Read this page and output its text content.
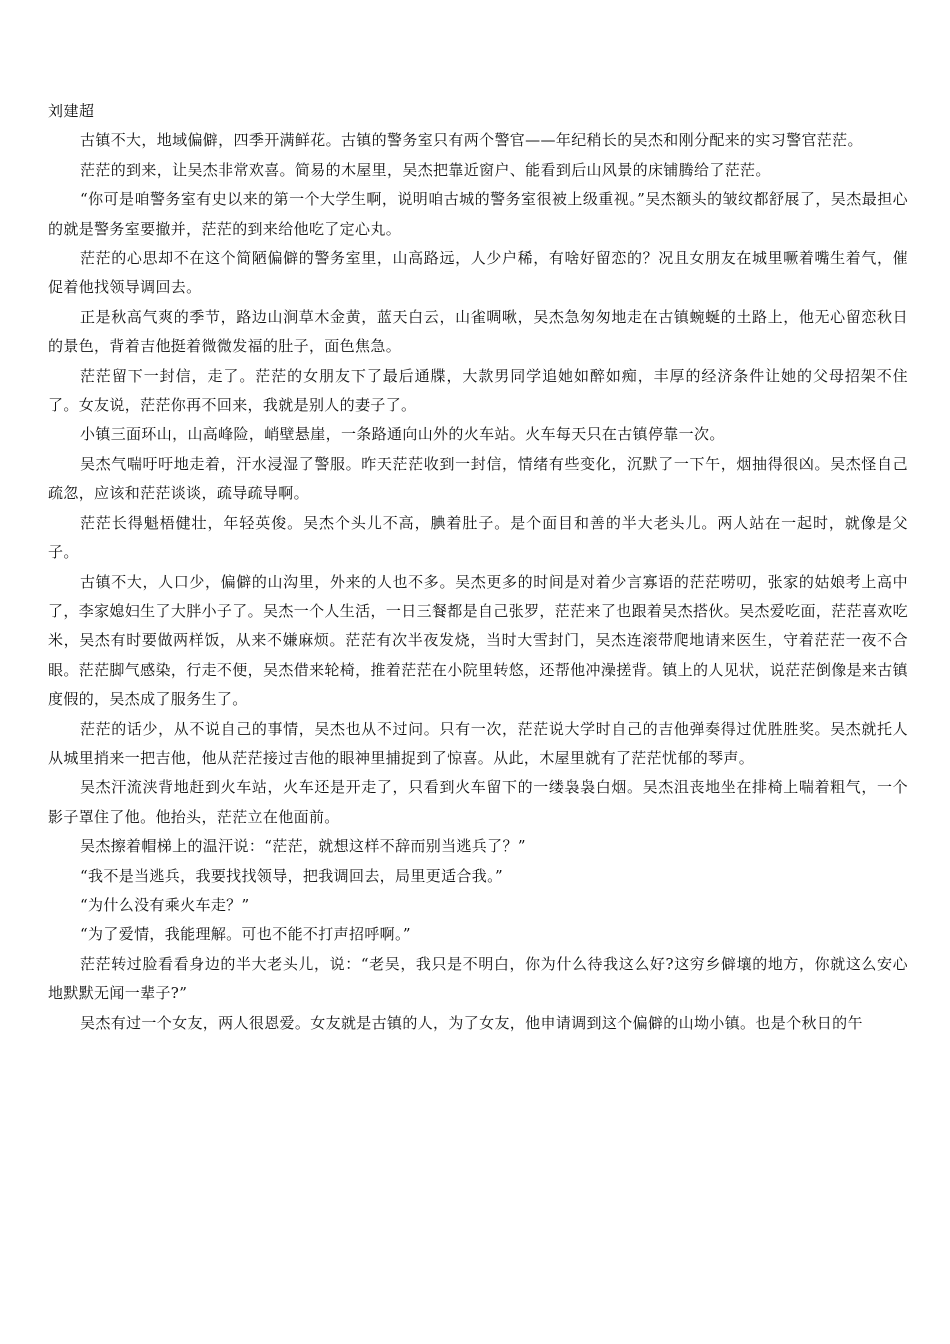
刘建超

古镇不大，地域偏僻，四季开满鲜花。古镇的警务室只有两个警官——年纪稍长的吴杰和刚分配来的实习警官茫茫。

茫茫的到来，让吴杰非常欢喜。简易的木屋里，吴杰把靠近窗户、能看到后山风景的床铺腾给了茫茫。

“你可是咱警务室有史以来的第一个大学生啊，说明咱古城的警务室很被上级重视。”吴杰额头的皱纹都舒展了，吴杰最担心的就是警务室要撤并，茫茫的到来给他吃了定心丸。

茫茫的心思却不在这个简陋偏僻的警务室里，山高路远，人少户稀，有啥好留恋的？况且女朋友在城里噘着嘴生着气，催促着他找领导调回去。

正是秋高气爽的季节，路边山涧草木金黄，蓝天白云，山雀啁啾，吴杰急匆匆地走在古镇蜿蜒的土路上，他无心留恋秋日的景色，背着吉他挺着微微发福的肚子，面色焦急。

茫茫留下一封信，走了。茫茫的女朋友下了最后通牒，大款男同学追她如醉如痴，丰厚的经济条件让她的父母招架不住了。女友说，茫茫你再不回来，我就是别人的妻子了。

小镇三面环山，山高峰险，峭壁悬崖，一条路通向山外的火车站。火车每天只在古镇停靠一次。

吴杰气喘吁吁地走着，汗水浸湿了警服。昨天茫茫收到一封信，情绪有些变化，沉默了一下午，烟抽得很凶。吴杰怪自己疏忽，应该和茫茫谈谈，疏导疏导啊。

茫茫长得魁梧健壮，年轻英俊。吴杰个头儿不高，腆着肚子。是个面目和善的半大老头儿。两人站在一起时，就像是父子。

古镇不大，人口少，偏僻的山沟里，外来的人也不多。吴杰更多的时间是对着少言寡语的茫茫唠叨，张家的姑娘考上高中了，李家媳妇生了大胖小子了。吴杰一个人生活，一日三餐都是自己张罗，茫茫来了也跟着吴杰搭伙。吴杰爱吃面，茫茫喜欢吃米，吴杰有时要做两样饭，从来不嫌麻烦。茫茫有次半夜发烧，当时大雪封门，吴杰连滚带爬地请来医生，守着茫茫一夜不合眼。茫茫脚气感染，行走不便，吴杰借来轮椅，推着茫茫在小院里转悠，还帮他冲澡搓背。镇上的人见状，说茫茫倒像是来古镇度假的，吴杰成了服务生了。

茫茫的话少，从不说自己的事情，吴杰也从不过问。只有一次，茫茫说大学时自己的吉他弹奏得过优胜胜奖。吴杰就托人从城里捎来一把吉他，他从茫茫接过吉他的眼神里捕捉到了惊喜。从此，木屋里就有了茫茫忧郁的琴声。

吴杰汗流浃背地赶到火车站，火车还是开走了，只看到火车留下的一缕袅袅白烟。吴杰沮丧地坐在排椅上喘着粗气，一个影子罩住了他。他抬头，茫茫立在他面前。

吴杰擦着帽梯上的温汗说：“茫茫，就想这样不辞而别当逃兵了？”

“我不是当逃兵，我要找找领导，把我调回去，局里更适合我。”

“为什么没有乘火车走？”

“为了爱情，我能理解。可也不能不打声招呼啊。”

茫茫转过脸看看身边的半大老头儿，说：“老吴，我只是不明白，你为什么待我这么好?这穷乡僻壤的地方，你就这么安心地默默无闻一辈子?”

吴杰有过一个女友，两人很恩爱。女友就是古镇的人，为了女友，他申请调到这个偏僻的山坳小镇。也是个秋日的午
